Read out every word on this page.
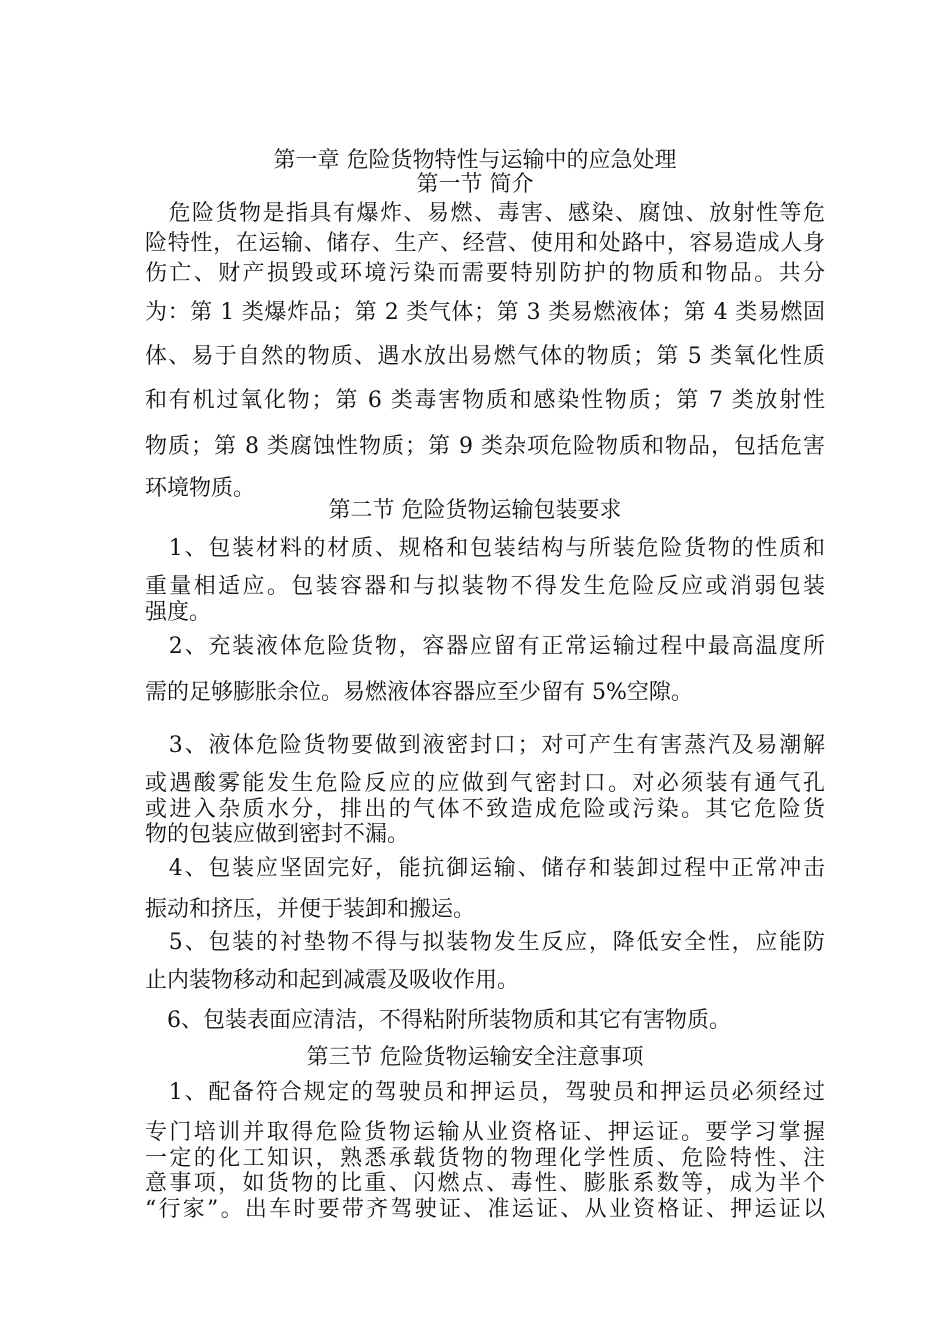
第一章 危险货物特性与运输中的应急处理
第一节 简介
　危险货物是指具有爆炸、易燃、毒害、感染、腐蚀、放射性等危
险特性，在运输、储存、生产、经营、使用和处路中，容易造成人身
伤亡、财产损毁或环境污染而需要特别防护的物质和物品。共分
为：第 1 类爆炸品；第 2 类气体；第 3 类易燃液体；第 4 类易燃固
体、易于自然的物质、遇水放出易燃气体的物质；第 5 类氧化性质
和有机过氧化物；第 6 类毒害物质和感染性物质；第 7 类放射性
物质；第 8 类腐蚀性物质；第 9 类杂项危险物质和物品，包括危害
环境物质。
第二节 危险货物运输包装要求
　1、包装材料的材质、规格和包装结构与所装危险货物的性质和
重量相适应。包装容器和与拟装物不得发生危险反应或消弱包装
强度。
　2、充装液体危险货物，容器应留有正常运输过程中最高温度所
需的足够膨胀余位。易燃液体容器应至少留有 5%空隙。
　3、液体危险货物要做到液密封口；对可产生有害蒸汽及易潮解
或遇酸雾能发生危险反应的应做到气密封口。对必须装有通气孔
或进入杂质水分，排出的气体不致造成危险或污染。其它危险货
物的包装应做到密封不漏。
　4、包装应坚固完好，能抗御运输、储存和装卸过程中正常冲击
振动和挤压，并便于装卸和搬运。
　5、包装的衬垫物不得与拟装物发生反应，降低安全性，应能防
止内装物移动和起到减震及吸收作用。
　6、包装表面应清洁，不得粘附所装物质和其它有害物质。
第三节 危险货物运输安全注意事项
　1、配备符合规定的驾驶员和押运员，驾驶员和押运员必须经过
专门培训并取得危险货物运输从业资格证、押运证。要学习掌握
一定的化工知识，熟悉承载货物的物理化学性质、危险特性、注
意事项，如货物的比重、闪燃点、毒性、膨胀系数等，成为半个
“行家”。出车时要带齐驾驶证、准运证、从业资格证、押运证以
